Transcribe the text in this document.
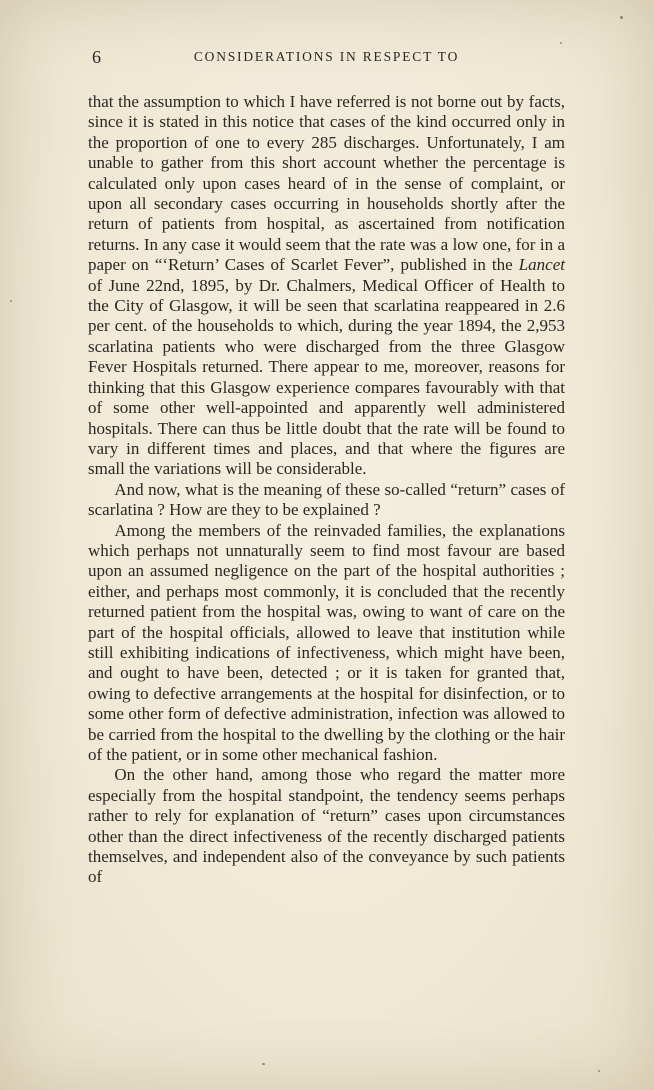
6	CONSIDERATIONS IN RESPECT TO

that the assumption to which I have referred is not borne out by facts, since it is stated in this notice that cases of the kind occurred only in the proportion of one to every 285 discharges. Unfortunately, I am unable to gather from this short account whether the percentage is calculated only upon cases heard of in the sense of complaint, or upon all secondary cases occurring in households shortly after the return of patients from hospital, as ascertained from notification returns. In any case it would seem that the rate was a low one, for in a paper on “‘Return’ Cases of Scarlet Fever”, published in the Lancet of June 22nd, 1895, by Dr. Chalmers, Medical Officer of Health to the City of Glasgow, it will be seen that scarlatina reappeared in 2.6 per cent. of the households to which, during the year 1894, the 2,953 scarlatina patients who were discharged from the three Glasgow Fever Hospitals returned. There appear to me, moreover, reasons for thinking that this Glasgow experience compares favourably with that of some other well-appointed and apparently well administered hospitals. There can thus be little doubt that the rate will be found to vary in different times and places, and that where the figures are small the variations will be considerable.

And now, what is the meaning of these so-called “return” cases of scarlatina ? How are they to be explained ?

Among the members of the reinvaded families, the explanations which perhaps not unnaturally seem to find most favour are based upon an assumed negligence on the part of the hospital authorities ; either, and perhaps most commonly, it is concluded that the recently returned patient from the hospital was, owing to want of care on the part of the hospital officials, allowed to leave that institution while still exhibiting indications of infectiveness, which might have been, and ought to have been, detected ; or it is taken for granted that, owing to defective arrangements at the hospital for disinfection, or to some other form of defective administration, infection was allowed to be carried from the hospital to the dwelling by the clothing or the hair of the patient, or in some other mechanical fashion.

On the other hand, among those who regard the matter more especially from the hospital standpoint, the tendency seems perhaps rather to rely for explanation of “return” cases upon circumstances other than the direct infectiveness of the recently discharged patients themselves, and independent also of the conveyance by such patients of
